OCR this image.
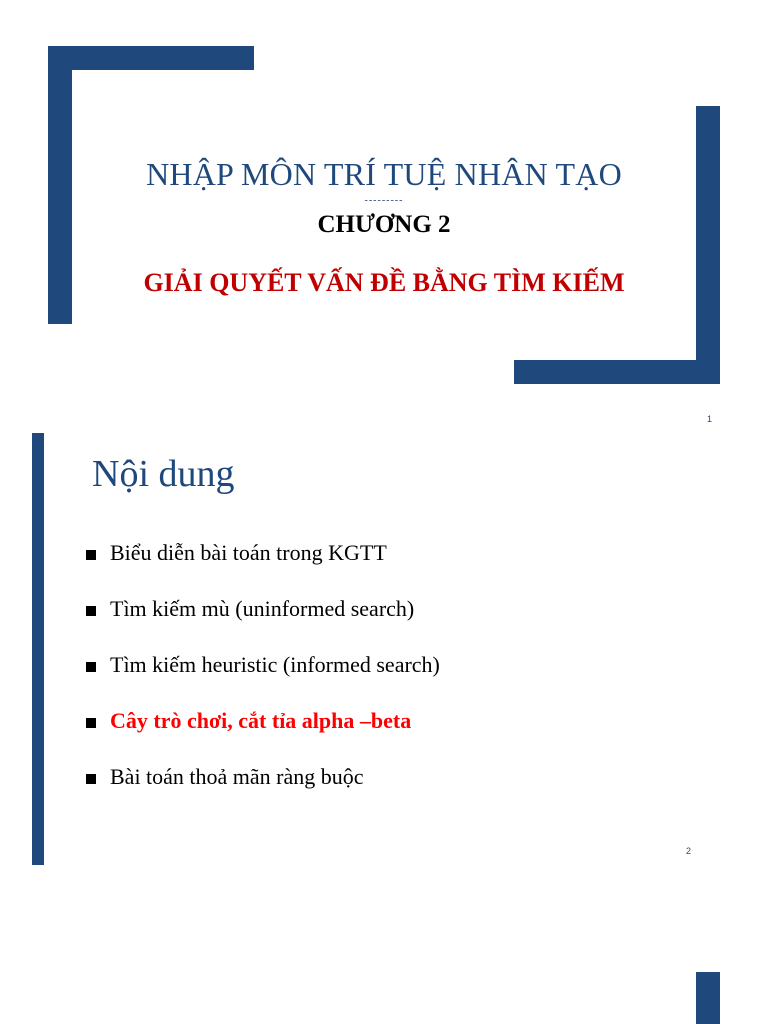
NHẬP MÔN TRÍ TUỆ NHÂN TẠO
---------
CHƯƠNG 2
GIẢI QUYẾT VẤN ĐỀ BẰNG TÌM KIẾM
1
Nội dung
Biểu diễn bài toán trong KGTT
Tìm kiếm mù (uninformed search)
Tìm kiếm heuristic (informed search)
Cây trò chơi, cắt tỉa alpha –beta
Bài toán thoả mãn ràng buộc
2
